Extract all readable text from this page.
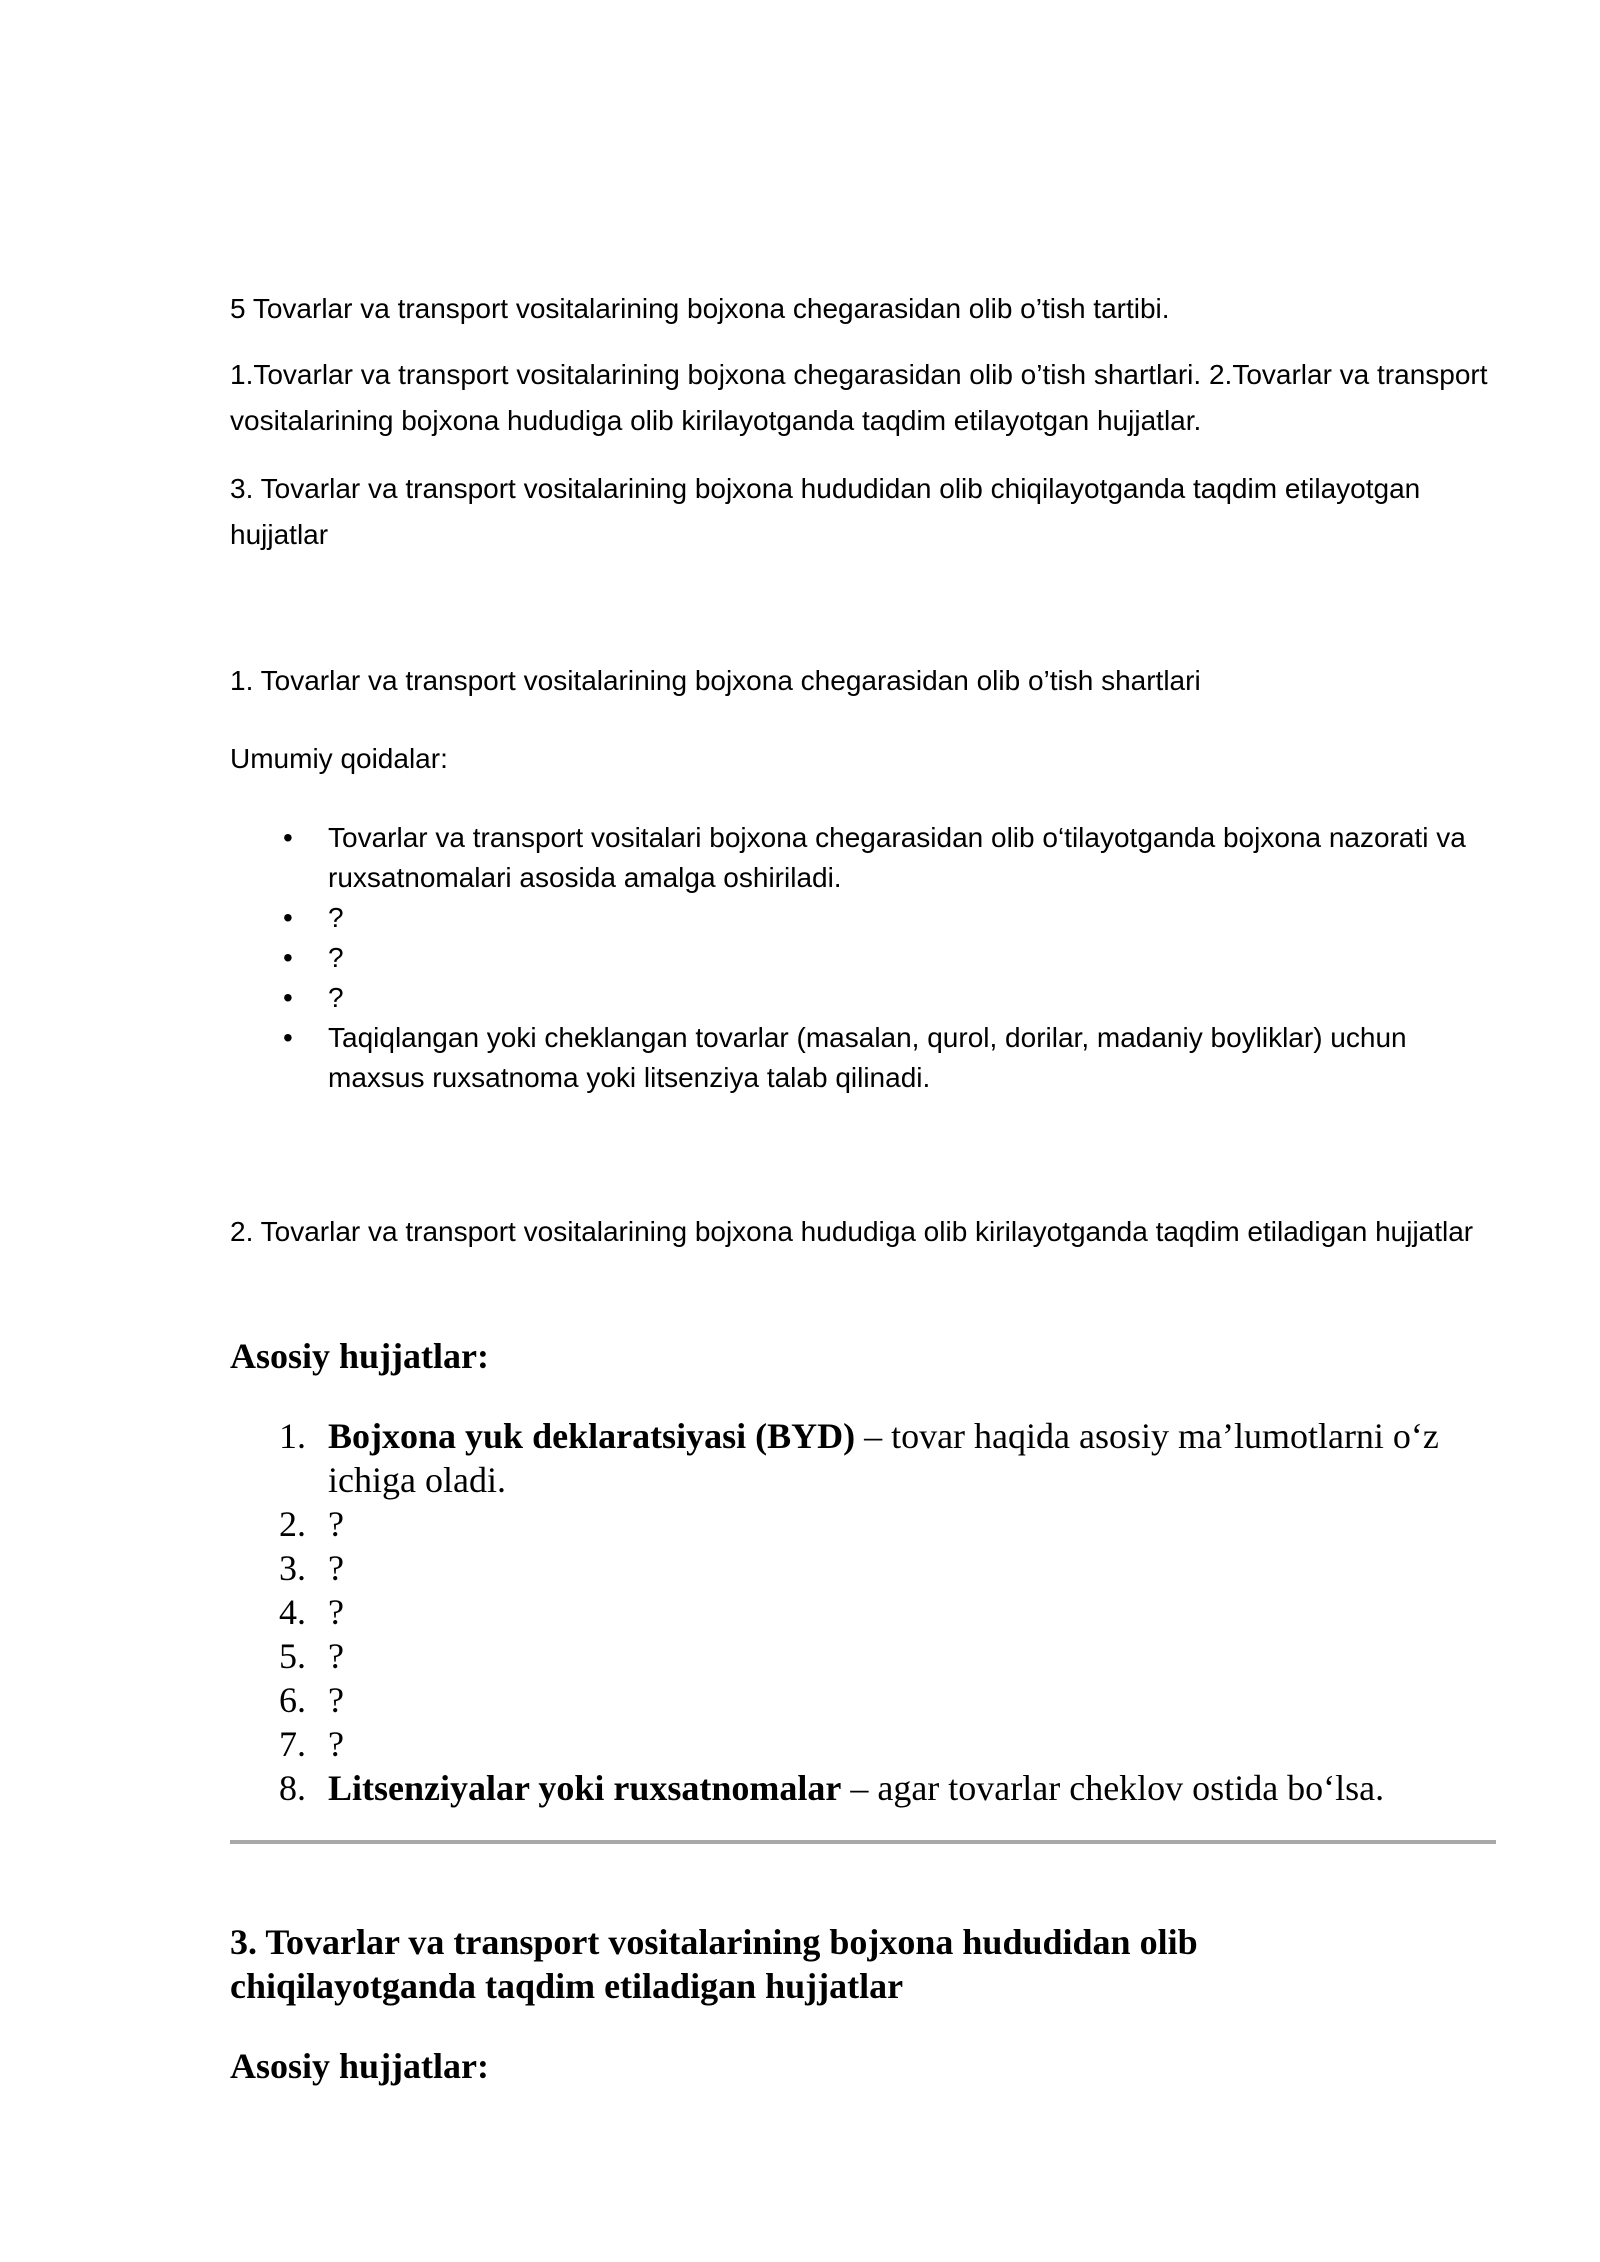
5 Tovarlar va transport vositalarining bojxona chegarasidan olib o’tish tartibi.

1.Tovarlar va transport vositalarining bojxona chegarasidan olib o’tish shartlari. 2.Tovarlar va transport vositalarining bojxona hududiga olib kirilayotganda taqdim etilayotgan hujjatlar.

3. Tovarlar va transport vositalarining bojxona hududidan olib chiqilayotganda taqdim etilayotgan hujjatlar

1. Tovarlar va transport vositalarining bojxona chegarasidan olib o’tish shartlari

Umumiy qoidalar:

• Tovarlar va transport vositalari bojxona chegarasidan olib o‘tilayotganda bojxona nazorati va ruxsatnomalari asosida amalga oshiriladi.
• ?
• ?
• ?
• Taqiqlangan yoki cheklangan tovarlar (masalan, qurol, dorilar, madaniy boyliklar) uchun maxsus ruxsatnoma yoki litsenziya talab qilinadi.

2. Tovarlar va transport vositalarining bojxona hududiga olib kirilayotganda taqdim etiladigan hujjatlar

Asosiy hujjatlar:

1. Bojxona yuk deklaratsiyasi (BYD) – tovar haqida asosiy ma’lumotlarni o‘z ichiga oladi.
2. ?
3. ?
4. ?
5. ?
6. ?
7. ?
8. Litsenziyalar yoki ruxsatnomalar – agar tovarlar cheklov ostida bo‘lsa.

3. Tovarlar va transport vositalarining bojxona hududidan olib chiqilayotganda taqdim etiladigan hujjatlar

Asosiy hujjatlar:
